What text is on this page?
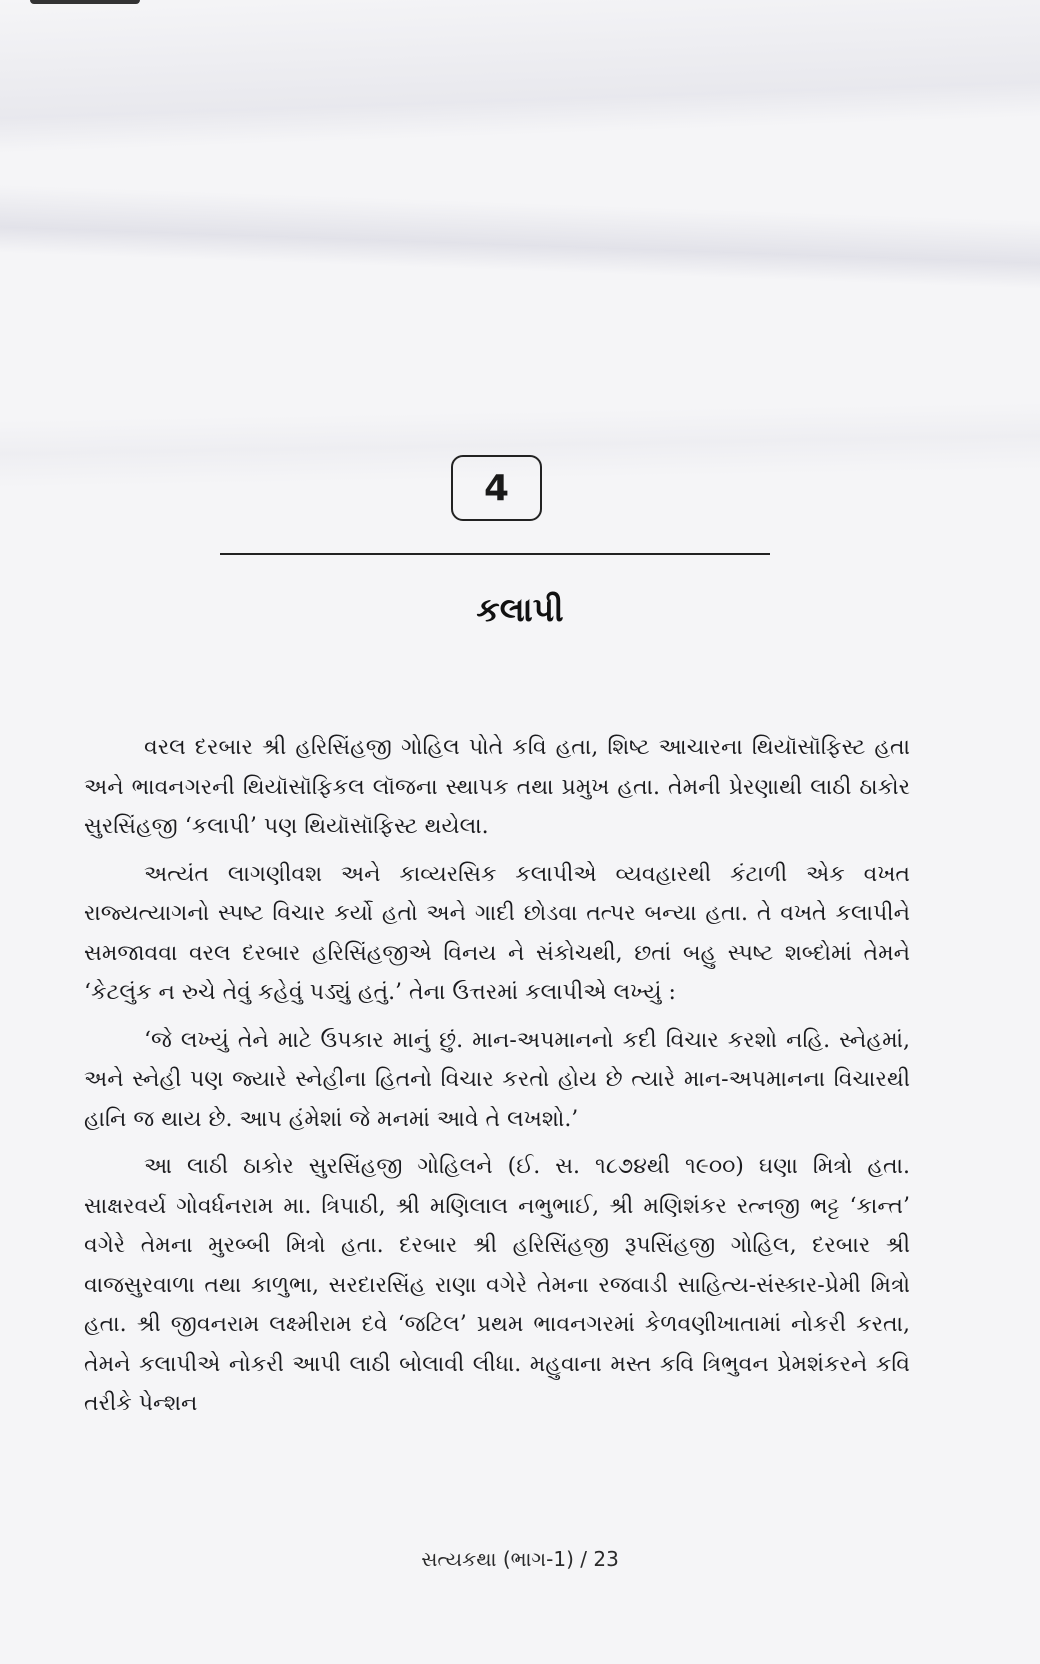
4
કલાપી

વરલ દરબાર શ્રી હરિસિંહજી ગોહિલ પોતે કવિ હતા, શિષ્ટ આચારના થિયૉસૉફિસ્ટ હતા અને ભાવનગરની થિયૉસૉફિકલ લૉજના સ્થાપક તથા પ્રમુખ હતા. તેમની પ્રેરણાથી લાઠી ઠાકોર સુરસિંહજી ‘કલાપી’ પણ થિયૉસૉફિસ્ટ થયેલા.

અત્યંત લાગણીવશ અને કાવ્યરસિક કલાપીએ વ્યવહારથી કંટાળી એક વખત રાજ્યત્યાગનો સ્પષ્ટ વિચાર કર્યો હતો અને ગાદી છોડવા તત્પર બન્યા હતા. તે વખતે કલાપીને સમજાવવા વરલ દરબાર હરિસિંહજીએ વિનય ને સંકોચથી, છતાં બહુ સ્પષ્ટ શબ્દોમાં તેમને ‘કેટલુંક ન રુચે તેવું કહેવું પડ્યું હતું.’ તેના ઉત્તરમાં કલાપીએ લખ્યું :

‘જે લખ્યું તેને માટે ઉપકાર માનું છું. માન-અપમાનનો કદી વિચાર કરશો નહિ. સ્નેહમાં, અને સ્નેહી પણ જ્યારે સ્નેહીના હિતનો વિચાર કરતો હોય છે ત્યારે માન-અપમાનના વિચારથી હાનિ જ થાય છે. આપ હંમેશાં જે મનમાં આવે તે લખશો.’

આ લાઠી ઠાકોર સુરસિંહજી ગોહિલને (ઈ. સ. ૧૮૭૪થી ૧૯૦૦) ઘણા મિત્રો હતા. સાક્ષરવર્ય ગોવર્ધનરામ મા. ત્રિપાઠી, શ્રી મણિલાલ નભુભાઈ, શ્રી મણિશંકર રત્નજી ભટ્ટ ‘કાન્ત’ વગેરે તેમના મુરબ્બી મિત્રો હતા. દરબાર શ્રી હરિસિંહજી રૂપસિંહજી ગોહિલ, દરબાર શ્રી વાજસુરવાળા તથા કાળુભા, સરદારસિંહ રાણા વગેરે તેમના રજવાડી સાહિત્ય-સંસ્કાર-પ્રેમી મિત્રો હતા. શ્રી જીવનરામ લક્ષ્મીરામ દવે ‘જટિલ’ પ્રથમ ભાવનગરમાં કેળવણીખાતામાં નોકરી કરતા, તેમને કલાપીએ નોકરી આપી લાઠી બોલાવી લીધા. મહુવાના મસ્ત કવિ ત્રિભુવન પ્રેમશંકરને કવિ તરીકે પેન્શન

સત્યકથા (ભાગ-1) / 23
